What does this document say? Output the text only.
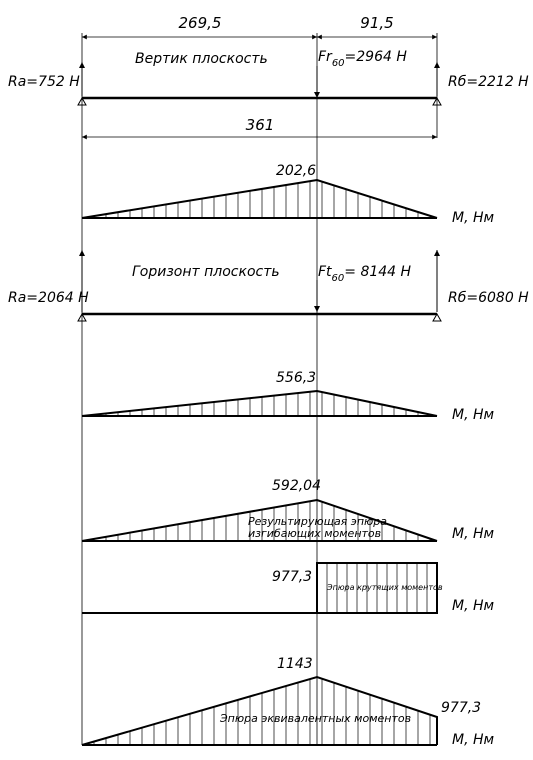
269,5	91,5
Вертик плоскость	$Fr_{60}=2964$ Н
Ra=752 Н	Rб=2212 Н
361
202,6
М, Нм
Горизонт плоскость	$Ft_{60}= 8144$ Н
Ra=2064 Н	Rб=6080 Н
556,3
М, Нм
592,04
Результирующая эпюра
изгибающих моментов	М, Нм
977,3
Эпюра крутящих моментов
М, Нм
1143
977,3
Эпюра эквивалентных моментов
М, Нм
